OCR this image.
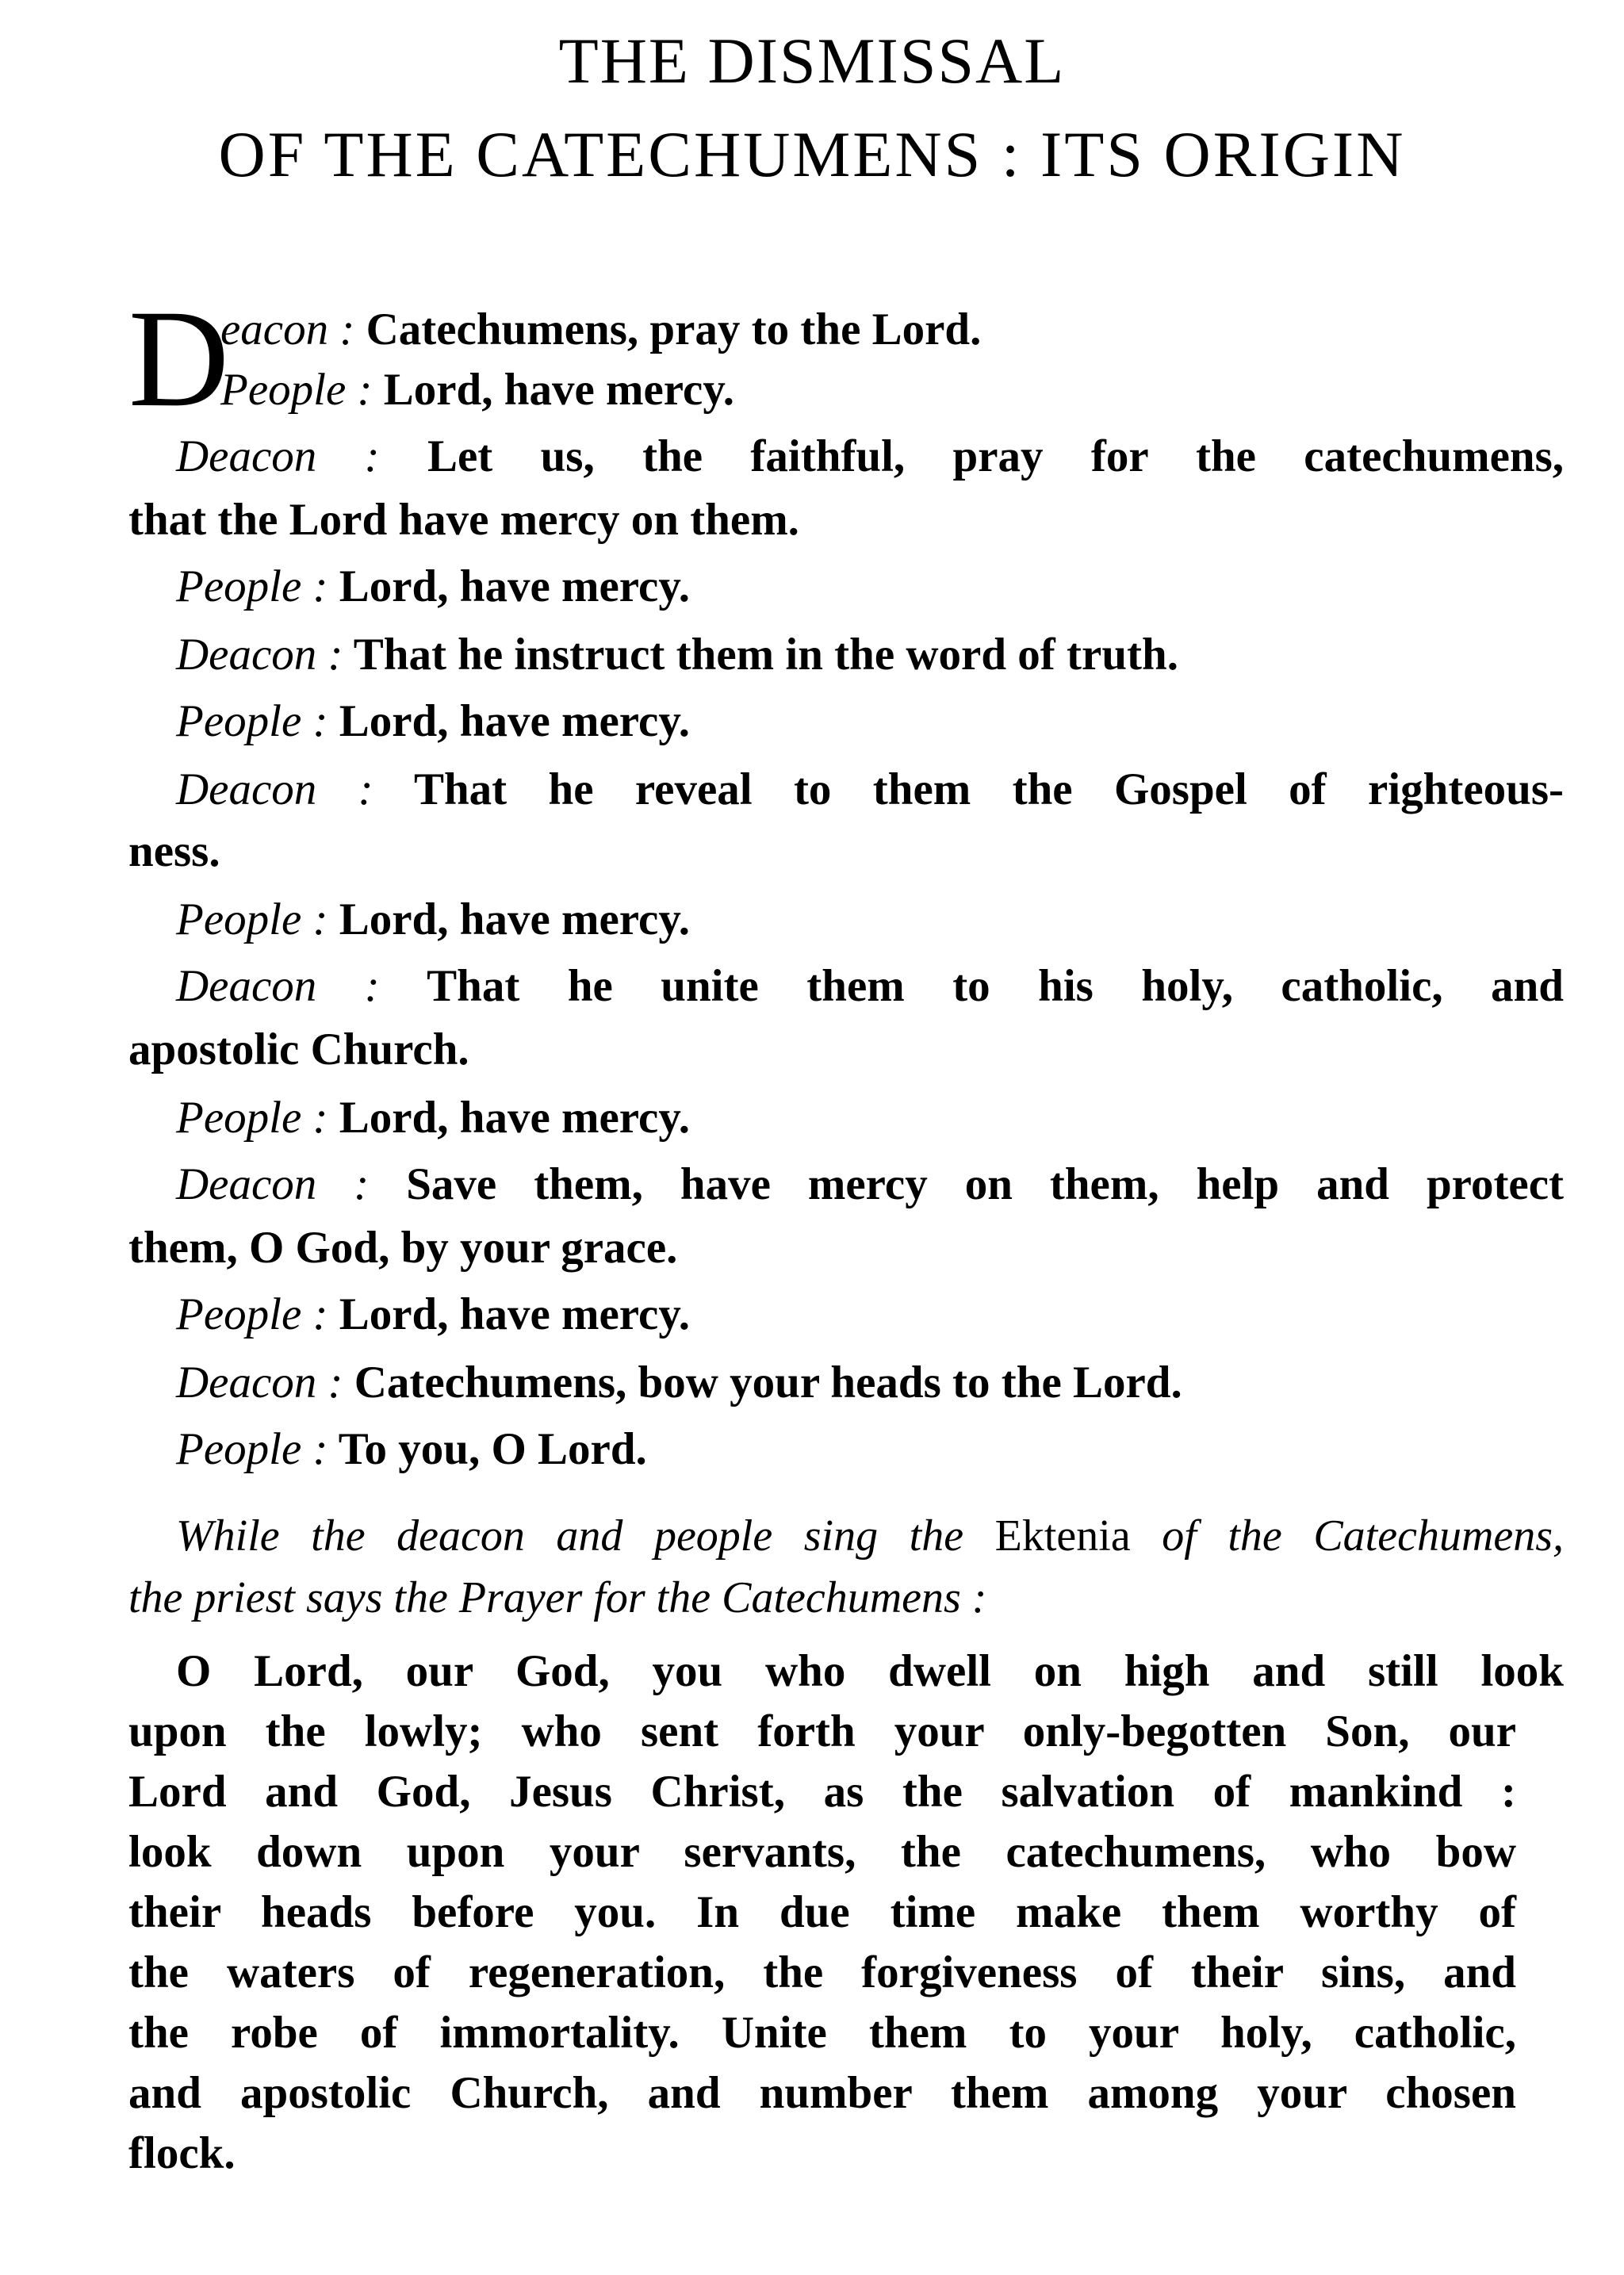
THE DISMISSAL
OF THE CATECHUMENS : ITS ORIGIN
D
eacon : Catechumens, pray to the Lord.
People : Lord, have mercy.
Deacon : Let us, the faithful, pray for the catechumens,
that the Lord have mercy on them.
People : Lord, have mercy.
Deacon : That he instruct them in the word of truth.
People : Lord, have mercy.
Deacon : That he reveal to them the Gospel of righteous-
ness.
People : Lord, have mercy.
Deacon : That he unite them to his holy, catholic, and
apostolic Church.
People : Lord, have mercy.
Deacon : Save them, have mercy on them, help and protect
them, O God, by your grace.
People : Lord, have mercy.
Deacon : Catechumens, bow your heads to the Lord.
People : To you, O Lord.
While the deacon and people sing the Ektenia of the Catechumens,
the priest says the Prayer for the Catechumens :
O Lord, our God, you who dwell on high and still look
upon the lowly; who sent forth your only-begotten Son, our
Lord and God, Jesus Christ, as the salvation of mankind :
look down upon your servants, the catechumens, who bow
their heads before you. In due time make them worthy of
the waters of regeneration, the forgiveness of their sins, and
the robe of immortality. Unite them to your holy, catholic,
and apostolic Church, and number them among your chosen
flock.
